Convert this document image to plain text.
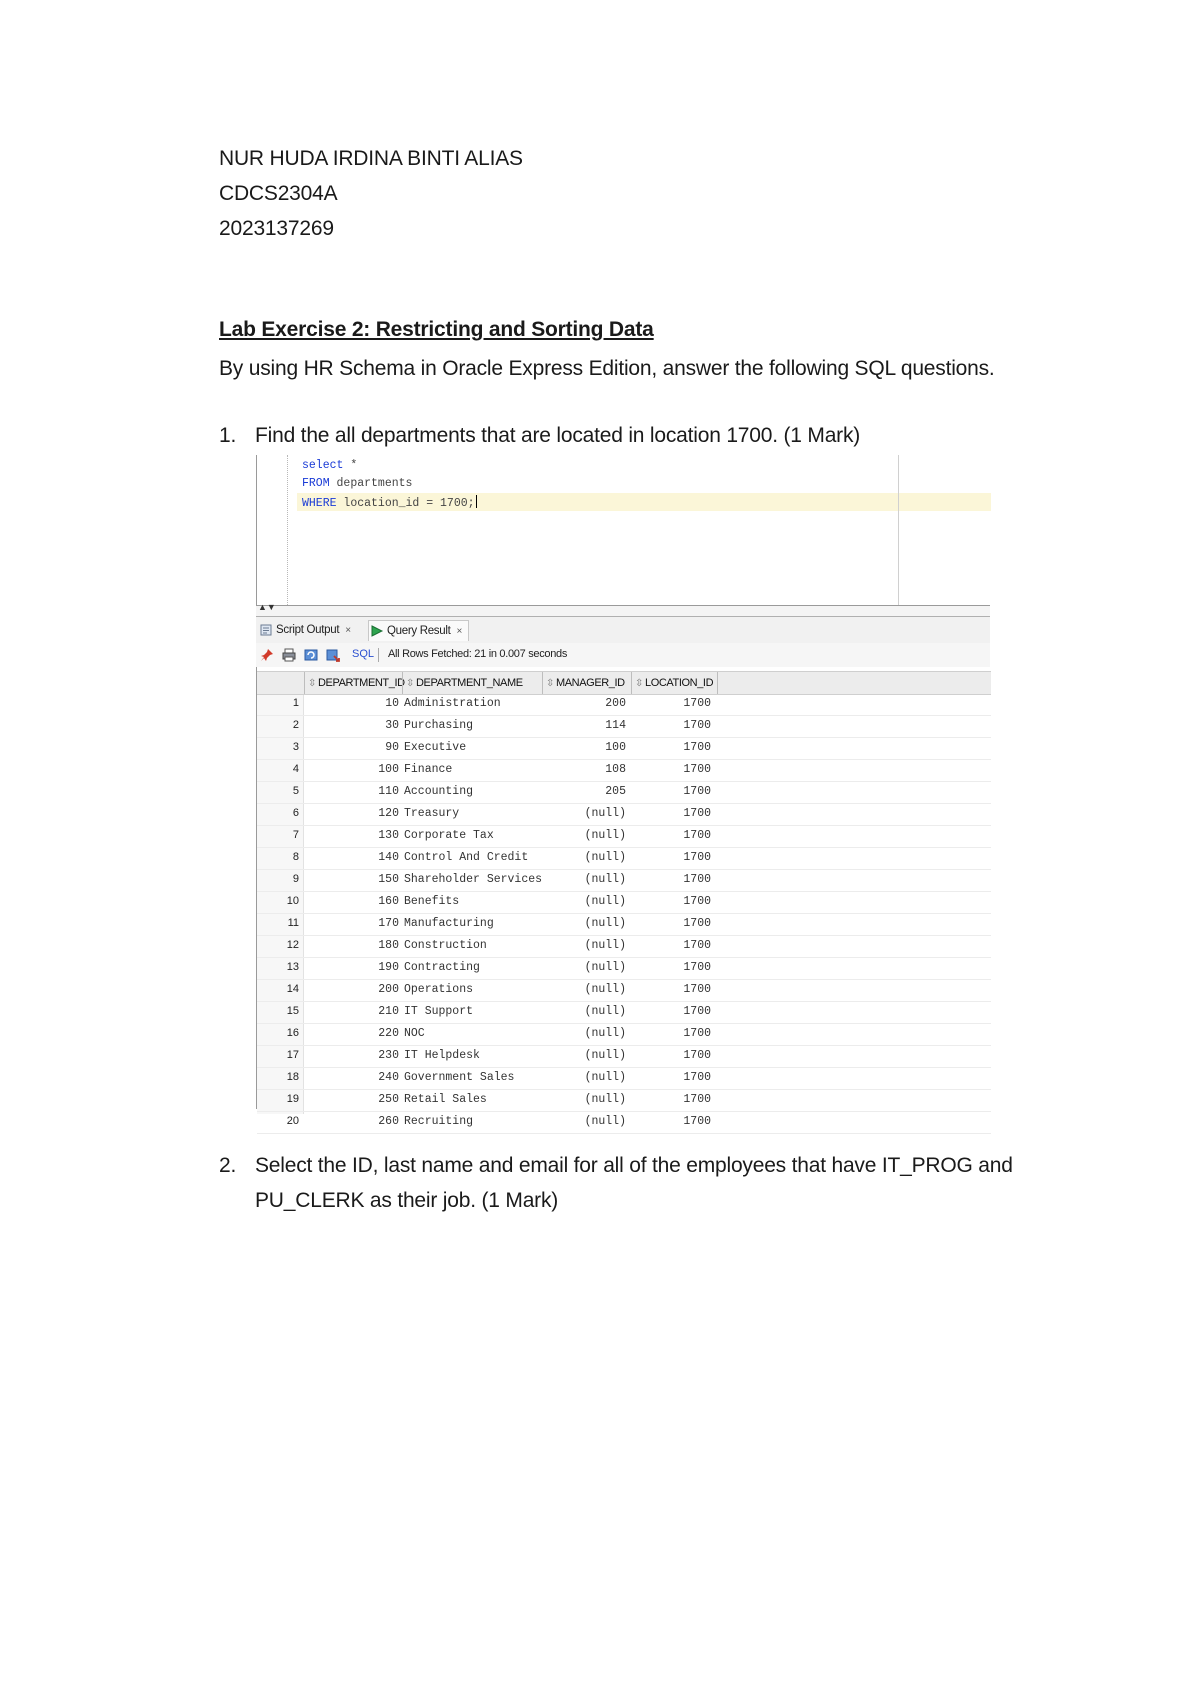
NUR HUDA IRDINA BINTI ALIAS
CDCS2304A
2023137269
Lab Exercise 2: Restricting and Sorting Data
By using HR Schema in Oracle Express Edition, answer the following SQL questions.
1. Find the all departments that are located in location 1700. (1 Mark)
select *
FROM departments
WHERE location_id = 1700;
▲▼
Script Output ×	Query Result ×
SQL All Rows Fetched: 21 in 0.007 seconds
⇳ DEPARTMENT_ID ⇳ DEPARTMENT_NAME	⇳ MANAGER_ID	⇳ LOCATION_ID
1	10 Administration	200	1700
2	30 Purchasing	114	1700
3	90 Executive	100	1700
4	100 Finance	108	1700
5	110 Accounting	205	1700
6	120 Treasury	(null)	1700
7	130 Corporate Tax	(null)	1700
8	140 Control And Credit	(null)	1700
9	150 Shareholder Services	(null)	1700
10	160 Benefits	(null)	1700
11	170 Manufacturing	(null)	1700
12	180 Construction	(null)	1700
13	190 Contracting	(null)	1700
14	200 Operations	(null)	1700
15	210 IT Support	(null)	1700
16	220 NOC	(null)	1700
17	230 IT Helpdesk	(null)	1700
18	240 Government Sales	(null)	1700
19	250 Retail Sales	(null)	1700
20	260 Recruiting	(null)	1700
2. Select the ID, last name and email for all of the employees that have IT_PROG and PU_CLERK as their job. (1 Mark)
